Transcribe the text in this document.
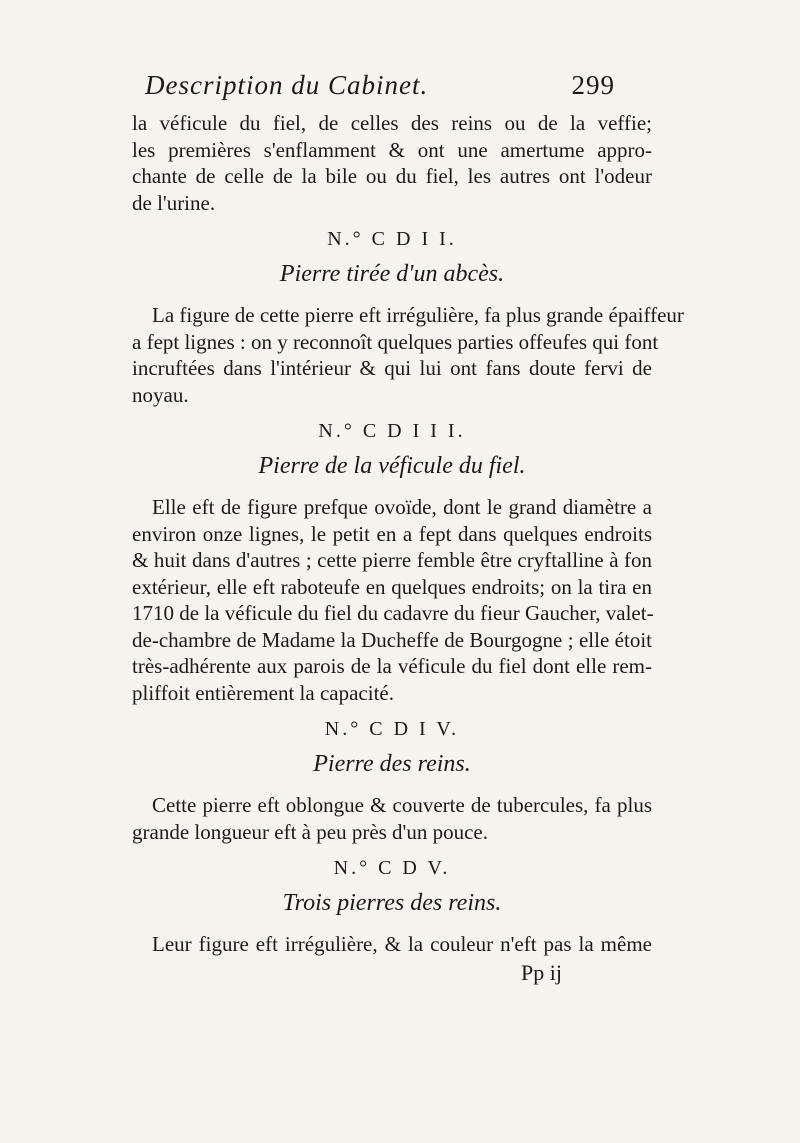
Description du Cabinet.	299
la véficule du fiel, de celles des reins ou de la veffie;
les premières s'enflamment & ont une amertume appro-
chante de celle de la bile ou du fiel, les autres ont l'odeur
de l'urine.
N.° C D I I.
Pierre tirée d'un abcès.
La figure de cette pierre eft irrégulière, fa plus grande épaiffeur
a fept lignes : on y reconnoît quelques parties offeufes qui font
incruftées dans l'intérieur & qui lui ont fans doute fervi de
noyau.
N.° C D I I I.
Pierre de la véficule du fiel.
Elle eft de figure prefque ovoïde, dont le grand diamètre a
environ onze lignes, le petit en a fept dans quelques endroits
& huit dans d'autres ; cette pierre femble être cryftalline à fon
extérieur, elle eft raboteufe en quelques endroits; on la tira en
1710 de la véficule du fiel du cadavre du fieur Gaucher, valet-
de-chambre de Madame la Ducheffe de Bourgogne ; elle étoit
très-adhérente aux parois de la véficule du fiel dont elle rem-
pliffoit entièrement la capacité.
N.° C D I V.
Pierre des reins.
Cette pierre eft oblongue & couverte de tubercules, fa plus
grande longueur eft à peu près d'un pouce.
N.° C D V.
Trois pierres des reins.
Leur figure eft irrégulière, & la couleur n'eft pas la même
Pp ij
